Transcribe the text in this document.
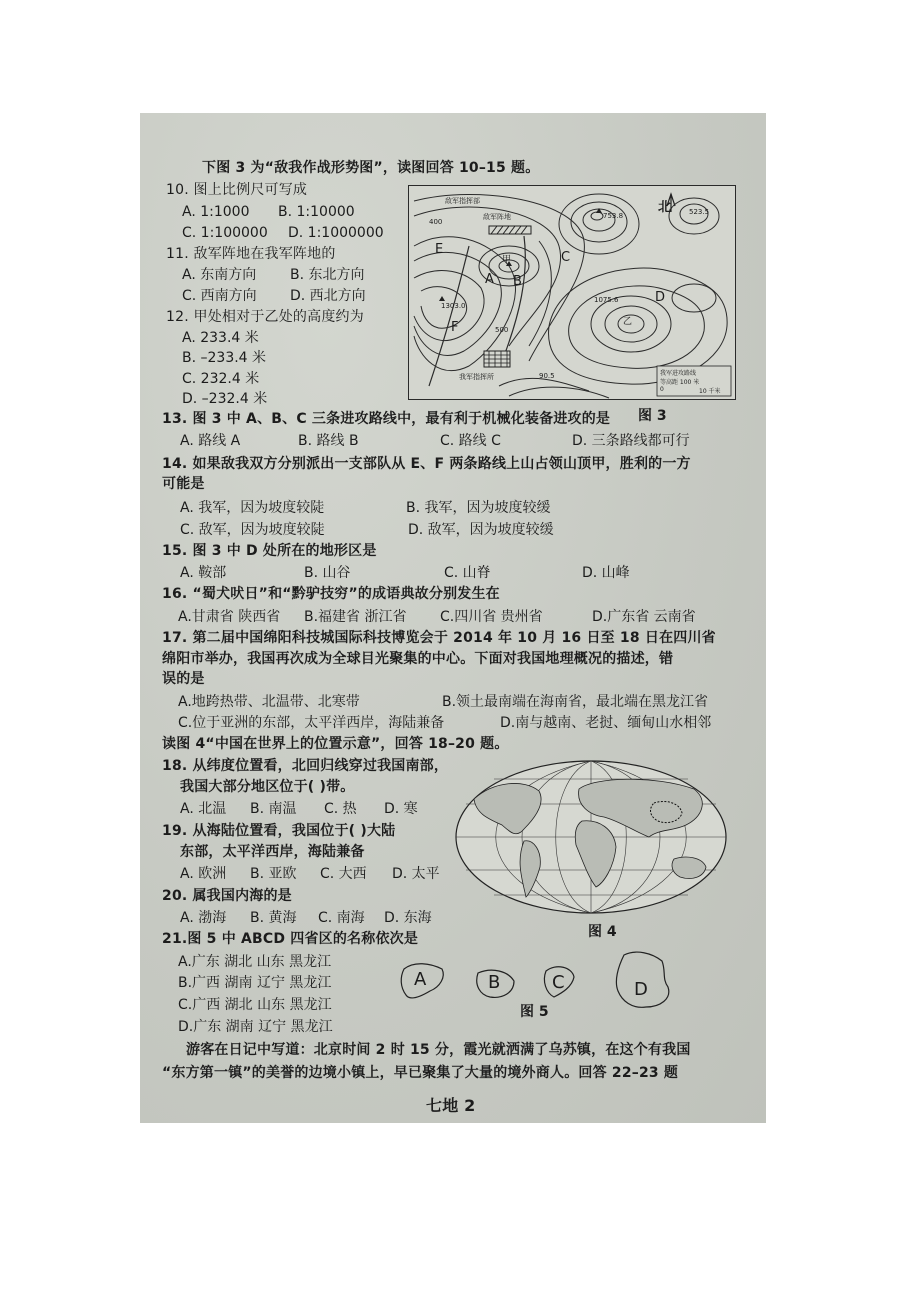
下图 3 为“敌我作战形势图”，读图回答 10–15 题。
10. 图上比例尺可写成
A. 1:1000 B. 1:10000
C. 1:100000 D. 1:1000000
11. 敌军阵地在我军阵地的
A. 东南方向 B. 东北方向
C. 西南方向 D. 西北方向
12. 甲处相对于乙处的高度约为
A. 233.4 米
B. –233.4 米
C. 232.4 米
D. –232.4 米
敌军指挥部
敌军阵地
我军指挥所
北
753.8	523.5
1075.6
90.5
1303.0
400
500
我军进攻路线
等高距 100 米
0	10 千米
E
A B
C
D
F
甲
乙
图 3
13. 图 3 中 A、B、C 三条进攻路线中，最有利于机械化装备进攻的是
A. 路线 A	B. 路线 B	C. 路线 C	D. 三条路线都可行
14. 如果敌我双方分别派出一支部队从 E、F 两条路线上山占领山顶甲，胜利的一方
可能是
A. 我军，因为坡度较陡	B. 我军，因为坡度较缓
C. 敌军，因为坡度较陡	D. 敌军，因为坡度较缓
15. 图 3 中 D 处所在的地形区是
A. 鞍部	B. 山谷	C. 山脊	D. 山峰
16. “蜀犬吠日”和“黔驴技穷”的成语典故分别发生在
A.甘肃省 陕西省 B.福建省 浙江省 C.四川省 贵州省	D.广东省 云南省
17. 第二届中国绵阳科技城国际科技博览会于 2014 年 10 月 16 日至 18 日在四川省
绵阳市举办，我国再次成为全球目光聚集的中心。下面对我国地理概况的描述，错
误的是
A.地跨热带、北温带、北寒带	B.领土最南端在海南省，最北端在黑龙江省
C.位于亚洲的东部，太平洋西岸，海陆兼备	D.南与越南、老挝、缅甸山水相邻
读图 4“中国在世界上的位置示意”，回答 18–20 题。
18. 从纬度位置看，北回归线穿过我国南部，
我国大部分地区位于( )带。
A. 北温 B. 南温 C. 热 D. 寒
19. 从海陆位置看，我国位于( )大陆
东部，太平洋西岸，海陆兼备
A. 欧洲 B. 亚欧 C. 大西 D. 太平
20. 属我国内海的是
A. 渤海 B. 黄海 C. 南海 D. 东海
图 4
21.图 5 中 ABCD 四省区的名称依次是
A.广东 湖北 山东 黑龙江
B.广西 湖南 辽宁 黑龙江
C.广西 湖北 山东 黑龙江
D.广东 湖南 辽宁 黑龙江
A	B	C	D
图 5
游客在日记中写道：北京时间 2 时 15 分，霞光就洒满了乌苏镇，在这个有我国
“东方第一镇”的美誉的边境小镇上，早已聚集了大量的境外商人。回答 22–23 题
七地 2
